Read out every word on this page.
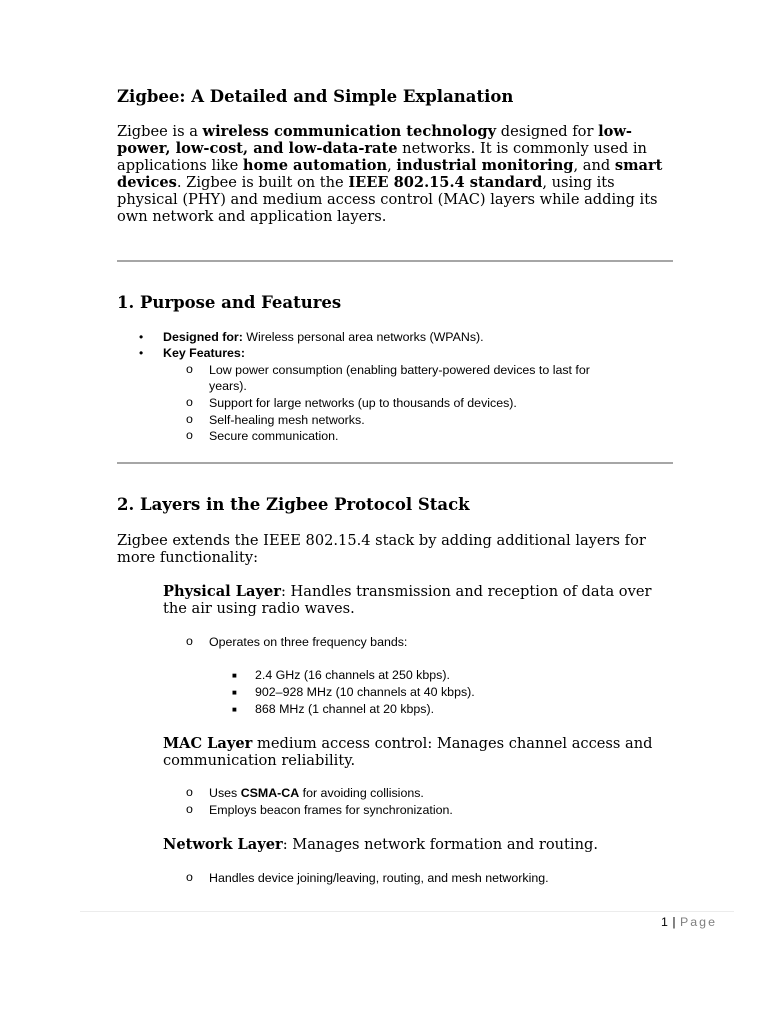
Zigbee: A Detailed and Simple Explanation
Zigbee is a wireless communication technology designed for low-power, low-cost, and low-data-rate networks. It is commonly used in applications like home automation, industrial monitoring, and smart devices. Zigbee is built on the IEEE 802.15.4 standard, using its physical (PHY) and medium access control (MAC) layers while adding its own network and application layers.
1. Purpose and Features
• Designed for: Wireless personal area networks (WPANs).
• Key Features:
o Low power consumption (enabling battery-powered devices to last for
years).
o Support for large networks (up to thousands of devices).
o Self-healing mesh networks.
o Secure communication.
2. Layers in the Zigbee Protocol Stack
Zigbee extends the IEEE 802.15.4 stack by adding additional layers for more functionality:
Physical Layer: Handles transmission and reception of data over the air using radio waves.
o Operates on three frequency bands:
■ 2.4 GHz (16 channels at 250 kbps).
■ 902–928 MHz (10 channels at 40 kbps).
■ 868 MHz (1 channel at 20 kbps).
MAC Layer medium access control: Manages channel access and communication reliability.
o Uses CSMA-CA for avoiding collisions.
o Employs beacon frames for synchronization.
Network Layer: Manages network formation and routing.
o Handles device joining/leaving, routing, and mesh networking.
1 | Page
